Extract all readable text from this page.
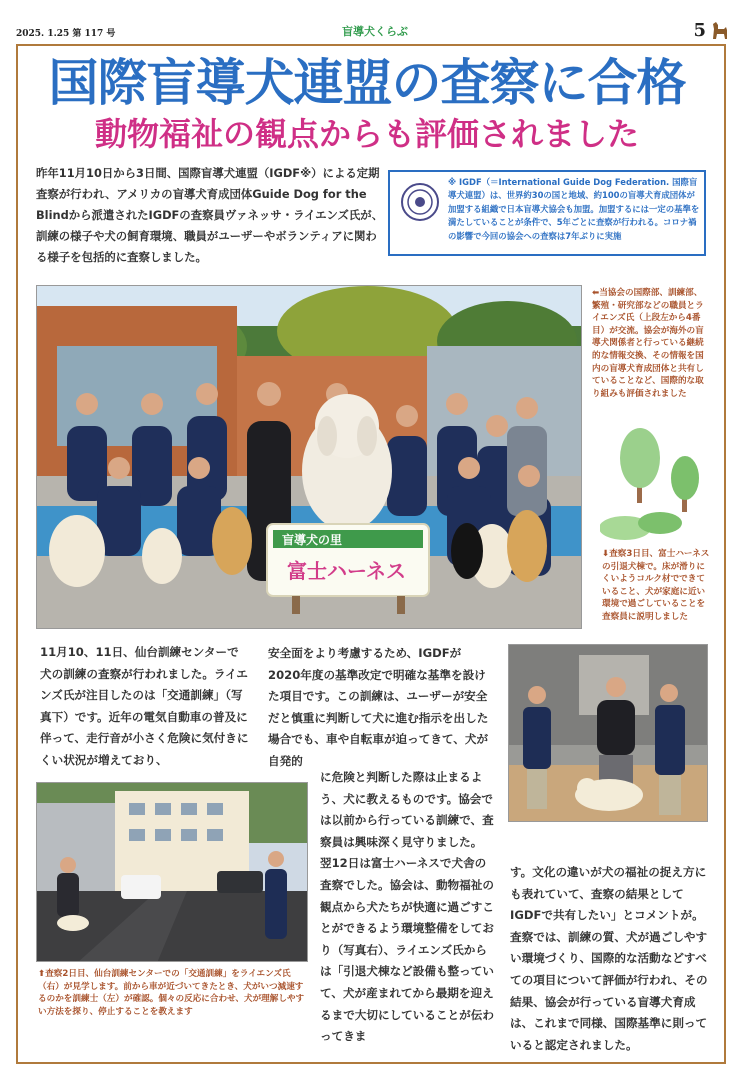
2025. 1.25 第 117 号	盲導犬くらぶ	5
国際盲導犬連盟の査察に合格
動物福祉の観点からも評価されました
昨年11月10日から3日間、国際盲導犬連盟（IGDF※）による定期査察が行われ、アメリカの盲導犬育成団体Guide Dog for the Blindから派遣されたIGDFの査察員ヴァネッサ・ライエンズ氏が、訓練の様子や犬の飼育環境、職員がユーザーやボランティアに関わる様子を包括的に査察しました。
※ IGDF（＝International Guide Dog Federation. 国際盲導犬連盟）は、世界約30の国と地域、約100の盲導犬育成団体が加盟する組織で日本盲導犬協会も加盟。加盟するには一定の基準を満たしていることが条件で、5年ごとに査察が行われる。コロナ禍の影響で今回の協会への査察は7年ぶりに実施
盲導犬の里
富士ハーネス
⬅当協会の国際部、訓練部、繁殖・研究部などの職員とライエンズ氏（上段左から4番目）が交流。協会が海外の盲導犬関係者と行っている継続的な情報交換、その情報を国内の盲導犬育成団体と共有していることなど、国際的な取り組みも評価されました
⬇査察3日目、富士ハーネスの引退犬棟で。床が滑りにくいようコルク材でできていること、犬が家庭に近い環境で過ごしていることを査察員に説明しました
11月10、11日、仙台訓練センターで犬の訓練の査察が行われました。ライエンズ氏が注目したのは「交通訓練」（写真下）です。近年の電気自動車の普及に伴って、走行音が小さく危険に気付きにくい状況が増えており、
安全面をより考慮するため、IGDFが2020年度の基準改定で明確な基準を設けた項目です。この訓練は、ユーザーが安全だと慎重に判断して犬に進む指示を出した場合でも、車や自転車が迫ってきて、犬が自発的
に危険と判断した際は止まるよう、犬に教えるものです。協会では以前から行っている訓練で、査察員は興味深く見守りました。　翌12日は富士ハーネスで犬舎の査察でした。協会は、動物福祉の観点から犬たちが快適に過ごすことができるよう環境整備をしており（写真右）、ライエンズ氏からは「引退犬棟など設備も整っていて、犬が産まれてから最期を迎えるまで大切にしていることが伝わってきま
す。文化の違いが犬の福祉の捉え方にも表れていて、査察の結果としてIGDFで共有したい」とコメントが。　査察では、訓練の質、犬が過ごしやすい環境づくり、国際的な活動などすべての項目について評価が行われ、その結果、協会が行っている盲導犬育成は、これまで同様、国際基準に則っていると認定されました。
⬆査察2日目、仙台訓練センターでの「交通訓練」をライエンズ氏（右）が見学します。前から車が近づいてきたとき、犬がいつ減速するのかを訓練士（左）が確認。個々の反応に合わせ、犬が理解しやすい方法を探り、停止することを教えます
